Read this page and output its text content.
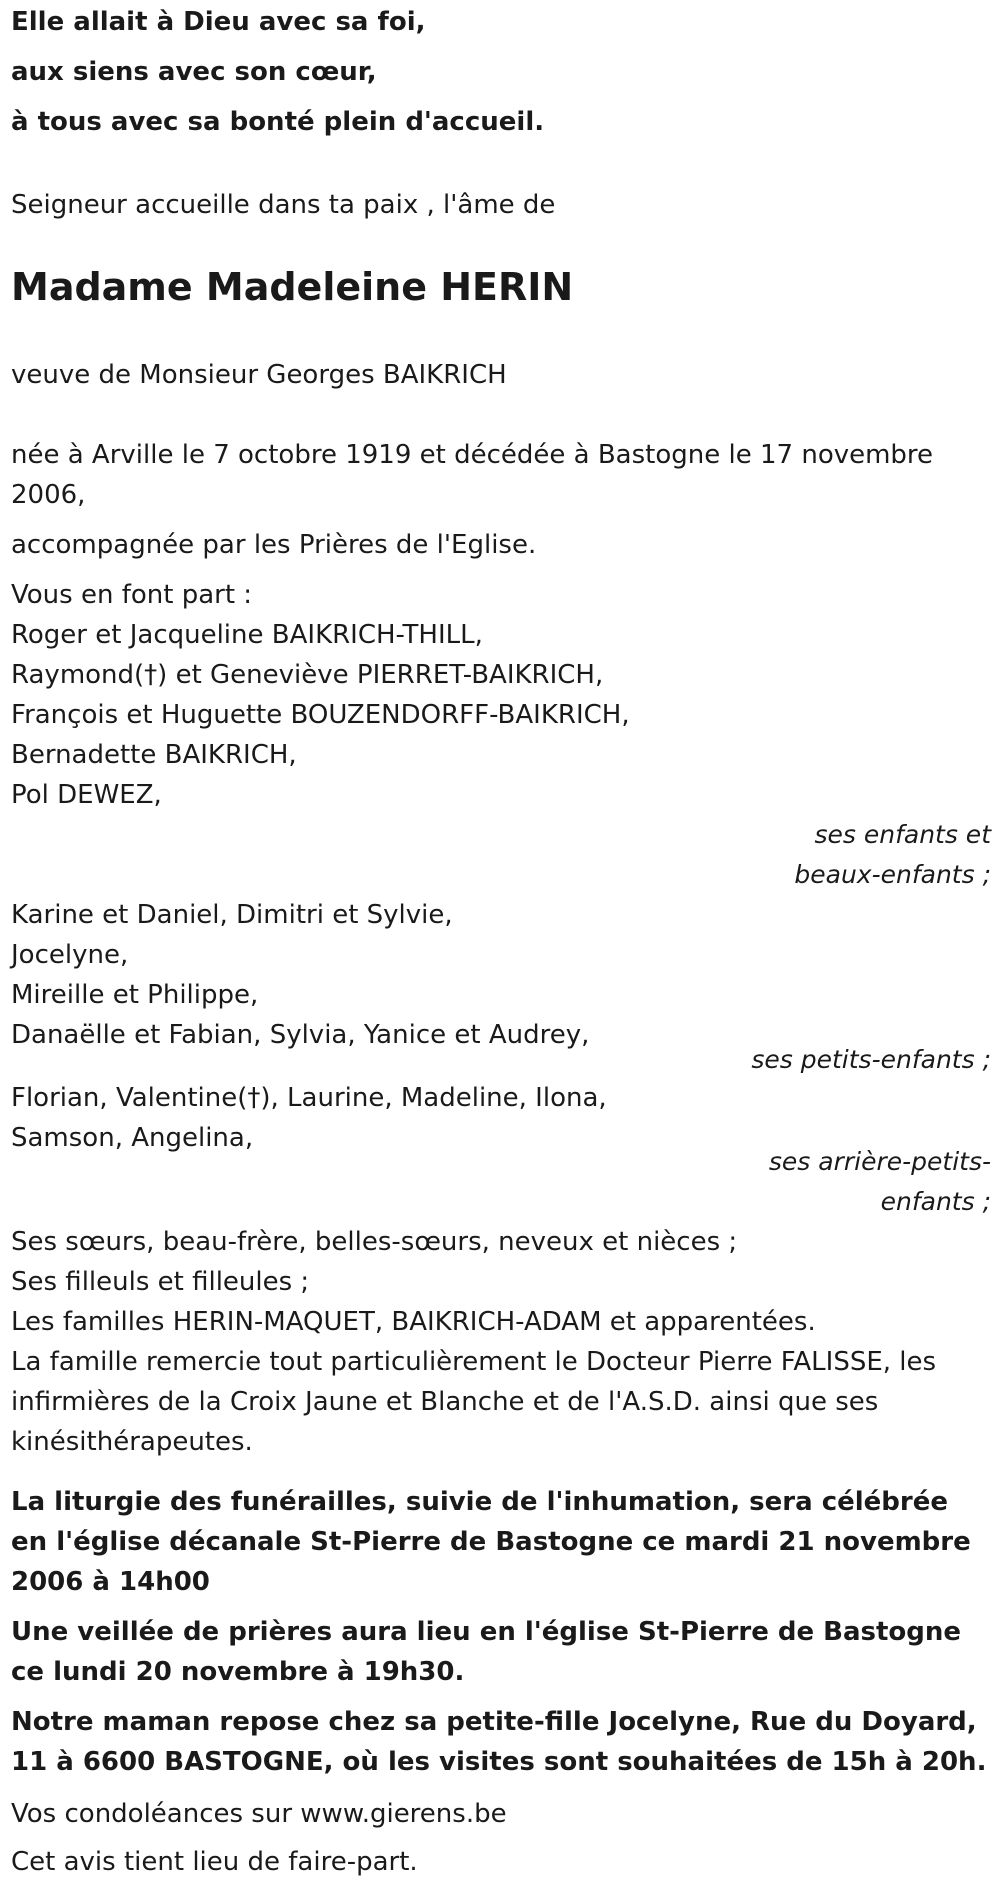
Elle allait à Dieu avec sa foi,
aux siens avec son cœur,
à tous avec sa bonté plein d'accueil.
Seigneur accueille dans ta paix , l'âme de
Madame Madeleine HERIN
veuve de Monsieur Georges BAIKRICH
née à Arville le 7 octobre 1919 et décédée à Bastogne le 17 novembre 2006,
accompagnée par les Prières de l'Eglise.
Vous en font part :
Roger et Jacqueline BAIKRICH-THILL,
Raymond(†) et Geneviève PIERRET-BAIKRICH,
François et Huguette BOUZENDORFF-BAIKRICH,
Bernadette BAIKRICH,
Pol DEWEZ,
ses enfants et
beaux-enfants ;
Karine et Daniel, Dimitri et Sylvie,
Jocelyne,
Mireille et Philippe,
Danaëlle et Fabian, Sylvia, Yanice et Audrey,
ses petits-enfants ;
Florian, Valentine(†), Laurine, Madeline, Ilona,
Samson, Angelina,
ses arrière-petits-
enfants ;
Ses sœurs, beau-frère, belles-sœurs, neveux et nièces ;
Ses filleuls et filleules ;
Les familles HERIN-MAQUET, BAIKRICH-ADAM et apparentées.
La famille remercie tout particulièrement le Docteur Pierre FALISSE, les infirmières de la Croix Jaune et Blanche et de l'A.S.D. ainsi que ses kinésithérapeutes.
La liturgie des funérailles, suivie de l'inhumation, sera célébrée en l'église décanale St-Pierre de Bastogne ce mardi 21 novembre 2006 à 14h00
Une veillée de prières aura lieu en l'église St-Pierre de Bastogne ce lundi 20 novembre à 19h30.
Notre maman repose chez sa petite-fille Jocelyne, Rue du Doyard, 11 à 6600 BASTOGNE, où les visites sont souhaitées de 15h à 20h.
Vos condoléances sur www.gierens.be
Cet avis tient lieu de faire-part.
